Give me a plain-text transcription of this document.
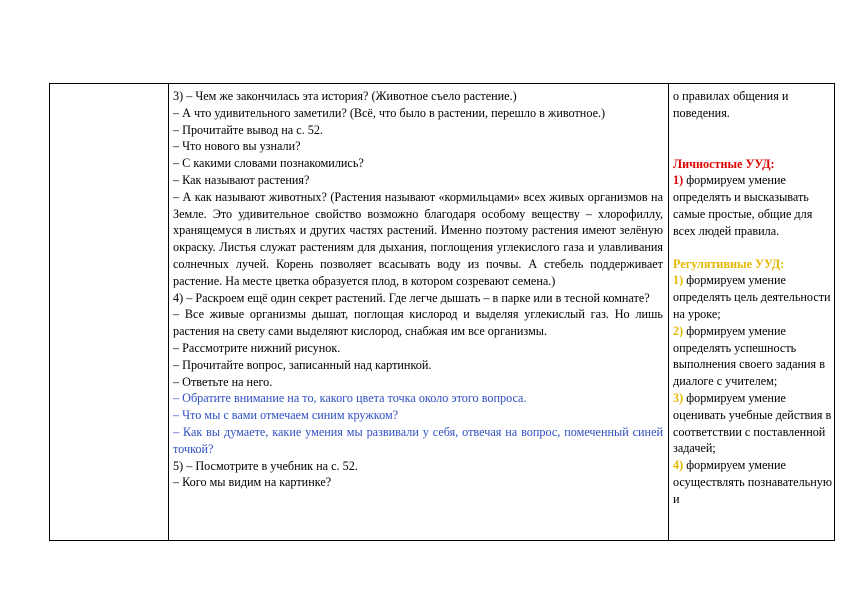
3) – Чем же закончилась эта история? (Животное съело растение.)

– А что удивительного заметили? (Всё, что было в растении, перешло в животное.)

– Прочитайте вывод на с. 52.

– Что нового вы узнали?

– С какими словами познакомились?

– Как называют растения?

– А как называют животных? (Растения называют «кормильцами» всех живых организмов на Земле. Это удивительное свойство возможно благодаря особому веществу – хлорофиллу, хранящемуся в листьях и других частях растений. Именно поэтому растения имеют зелёную окраску. Листья служат растениям для дыхания, поглощения углекислого газа и улавливания солнечных лучей. Корень позволяет всасывать воду из почвы. А стебель поддерживает растение. На месте цветка образуется плод, в котором созревают семена.)

4) – Раскроем ещё один секрет растений. Где легче дышать – в парке или в тесной комнате?

– Все живые организмы дышат, поглощая кислород и выделяя углекислый газ. Но лишь растения на свету сами выделяют кислород, снабжая им все организмы.

– Рассмотрите нижний рисунок.

– Прочитайте вопрос, записанный над картинкой.

– Ответьте на него.

– Обратите внимание на то, какого цвета точка около этого вопроса.

– Что мы с вами отмечаем синим кружком?

– Как вы думаете, какие умения мы развивали у себя, отвечая на вопрос, помеченный синей точкой?

5) – Посмотрите в учебник на с. 52.

– Кого мы видим на картинке?

о правилах общения и поведения.

Личностные УУД:

1) формируем умение определять и высказывать самые простые, общие для всех людей правила.

Регулятивные УУД:

1) формируем умение определять цель деятельности на уроке;

2) формируем умение определять успешность выполнения своего задания в диалоге с учителем;

3) формируем умение оценивать учебные действия в соответствии с поставленной задачей;

4) формируем умение осуществлять познавательную и
